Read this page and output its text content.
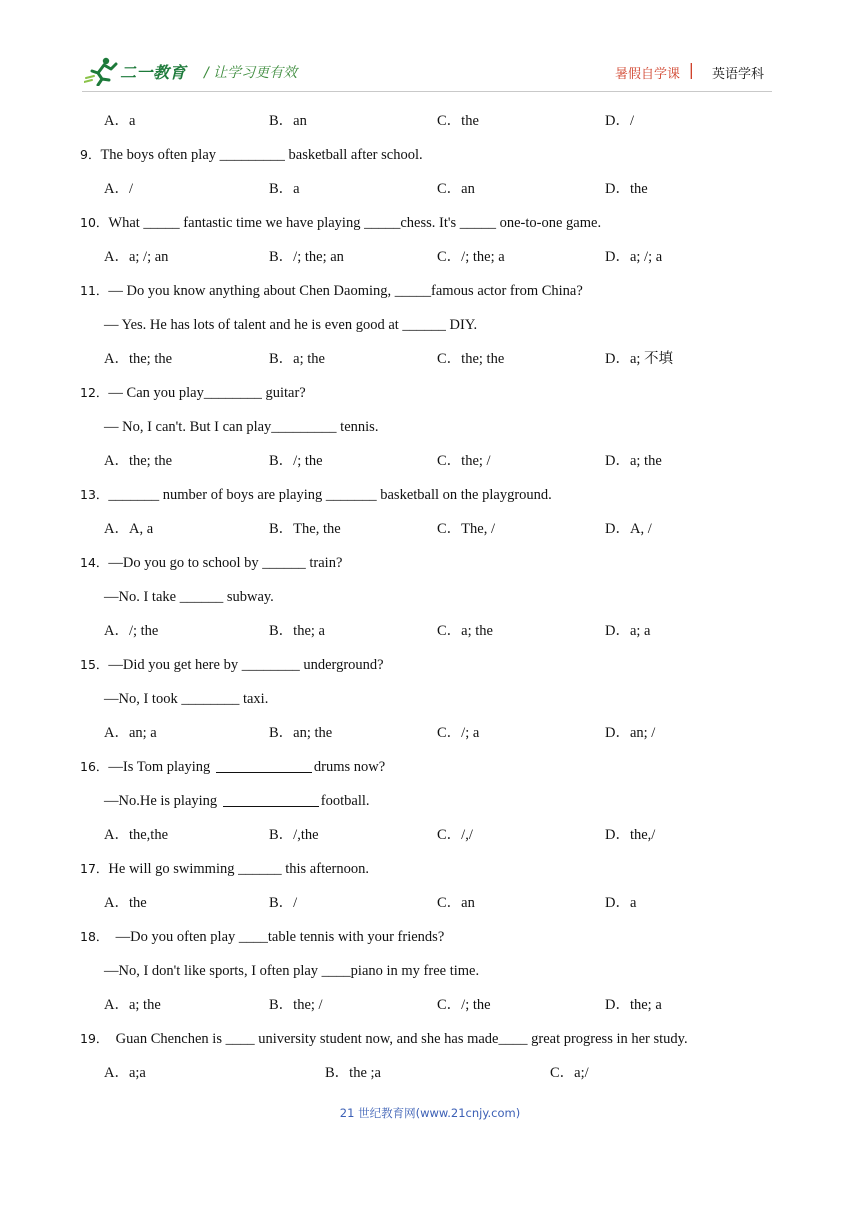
二一教育 / 让学习更有效	暑假自学课 | 英语学科
A．a	B．an	C．the	D．/
9．The boys often play _________ basketball after school.
A．/	B．a	C．an	D．the
10．What _____ fantastic time we have playing _____chess. It's _____ one-to-one game.
A．a; /; an	B．/; the; an	C．/; the; a	D．a; /; a
11．— Do you know anything about Chen Daoming, _____famous actor from China?
— Yes. He has lots of talent and he is even good at ______ DIY.
A．the; the	B．a; the	C．the; the	D．a; 不填
12．— Can you play________ guitar?
— No, I can't. But I can play_________ tennis.
A．the; the	B．/; the	C．the; /	D．a; the
13．_______ number of boys are playing _______ basketball on the playground.
A．A, a	B．The, the	C．The, /	D．A, /
14．—Do you go to school by ______ train?
—No. I take ______ subway.
A．/; the	B．the; a	C．a; the	D．a; a
15．—Did you get here by ________ underground?
—No, I took ________ taxi.
A．an; a	B．an; the	C．/; a	D．an; /
16．—Is Tom playing	drums now?
—No.He is playing	football.
A．the,the	B．/,the	C．/,/	D．the,/
17．He will go swimming ______ this afternoon.
A．the	B．/	C．an	D．a
18．  —Do you often play ____table tennis with your friends?
—No, I don't like sports, I often play ____piano in my free time.
A．a; the	B．the; /	C．/; the	D．the; a
19．  Guan Chenchen is ____ university student now, and she has made____ great progress in her study.
A．a;a	B．the ;a	C．a;/
21 世纪教育网(www.21cnjy.com)
